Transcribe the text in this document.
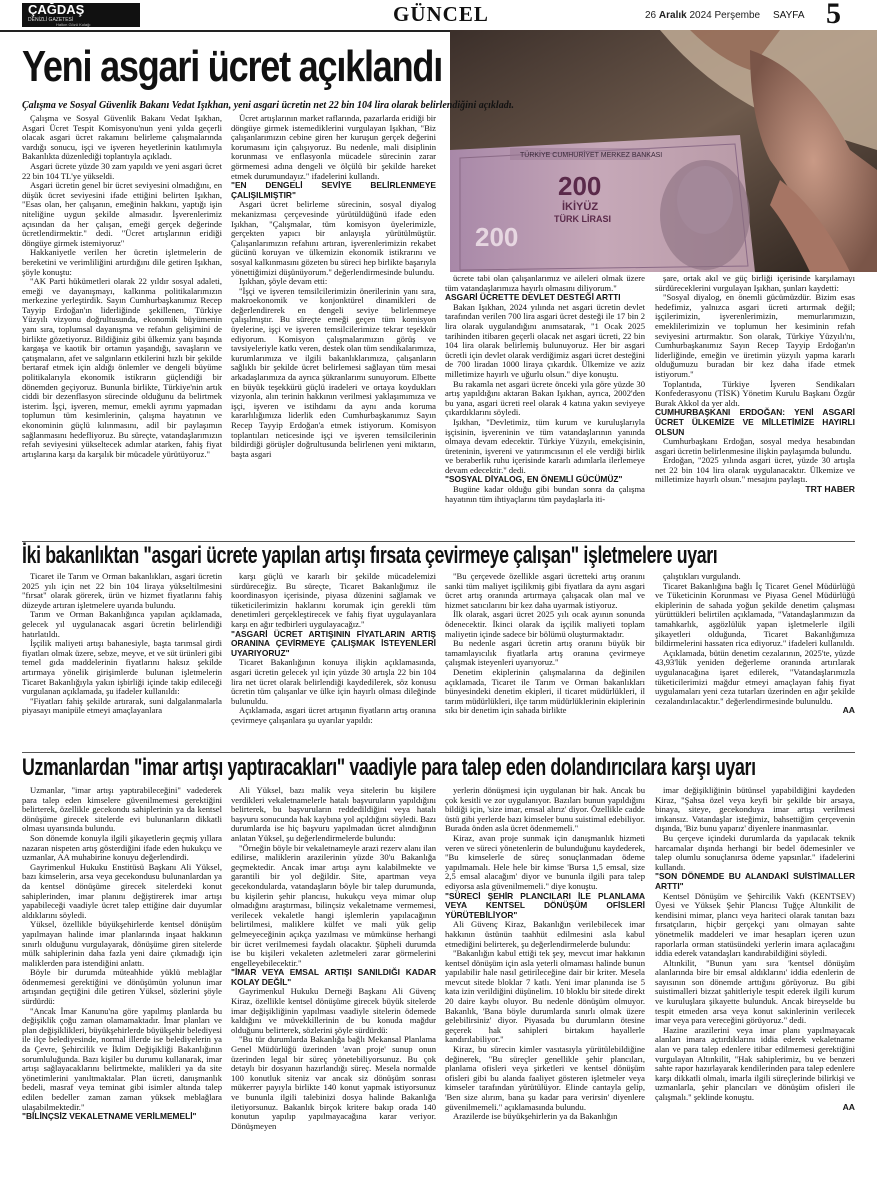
ÇAĞDAŞ
DENİZLİ GAZETESİ
Halkın Gözü Kulağı	GÜNCEL	26 Aralık 2024 Perşembe SAYFA 5
TÜRKİYE CUMHURİYET MERKEZ BANKASI
200
İKİYÜZ
TÜRK LİRASI
200
Yeni asgari ücret açıklandı
Çalışma ve Sosyal Güvenlik Bakanı Vedat Işıkhan, yeni asgari ücretin net 22 bin 104 lira olarak belirlendiğini açıkladı.

Çalışma ve Sosyal Güvenlik Bakanı Vedat Işıkhan, Asgari Ücret Tespit Komisyonu'nun yeni yılda geçerli olacak asgari ücret rakamını belirleme çalışmalarında vardığı sonucu, işçi ve işveren heyetlerinin katılımıyla Bakanlıkta düzenlediği toplantıyla açıkladı.

Asgari ücrete yüzde 30 zam yapıldı ve yeni asgari ücret 22 bin 104 TL'ye yükseldi.

Asgari ücretin genel bir ücret seviyesini olmadığını, en düşük ücret seviyesini ifade ettiğini belirten Işıkhan, "Esas olan, her çalışanın, emeğinin hakkını, yaptığı işin niteliğine uygun şekilde almasıdır. İşverenlerimiz açısından da her çalışan, emeği gerçek değerinde ücretlendirmektir." dedi. "Ücret artışlarının eridiği döngüye girmek istemiyoruz"

Hakkaniyetle verilen her ücretin işletmelerin de bereketini ve verimliliğini artırdığını dile getiren Işıkhan, şöyle konuştu:

"AK Parti hükümetleri olarak 22 yıldır sosyal adaleti, emeği ve dayanışmayı, kalkınma politikalarımızın merkezine yerleştirdik. Sayın Cumhurbaşkanımız Recep Tayyip Erdoğan'ın liderliğinde şekillenen, Türkiye Yüzyılı vizyonu doğrultusunda, ekonomik büyümenin yanı sıra, toplumsal dayanışma ve refahın gelişimini de birlikte gözetiyoruz. Bildiğiniz gibi ülkemiz yanı başında kargaşa ve kaotik bir ortamın yaşandığı, savaşların ve çatışmaların, afet ve salgınların etkilerini hızlı bir şekilde bertaraf etmek için aldığı önlemler ve dengeli büyüme politikalarıyla ekonomik istikrarın güçlendiği bir dönemden geçiyoruz. Bununla birlikte, Türkiye'nin artık ciddi bir dezenflasyon sürecinde olduğunu da belirtmek isterim. İşçi, işveren, memur, emekli ayrımı yapmadan toplumun tüm kesimlerinin, çalışma hayatının ve ekonominin güçlü kılınmasını, adil bir paylaşımın sağlanmasını hedefliyoruz. Bu süreçte, vatandaşlarımızın refah seviyesini yükseltecek adımlar atarken, fahiş fiyat artışlarına karşı da karşılık bir mücadele yürütüyoruz."

Ücret artışlarının market raflarında, pazarlarda eridiği bir döngüye girmek istemediklerini vurgulayan Işıkhan, "Biz çalışanlarımızın cebine giren her kuruşun gerçek değerini korumasını için çalışıyoruz. Bu nedenle, mali disiplinin korunması ve enflasyonla mücadele sürecinin zarar görmemesi adına dengeli ve ölçülü bir şekilde hareket etmek durumundayız." ifadelerini kullandı.

"EN DENGELİ SEVİYE BELİRLENMEYE ÇALIŞILMIŞTIR"

Asgari ücret belirleme sürecinin, sosyal diyalog mekanizması çerçevesinde yürütüldüğünü ifade eden Işıkhan, "Çalışmalar, tüm komisyon üyelerimizle, gerçekten yapıcı bir anlayışla yürütülmüştür. Çalışanlarımızın refahını artıran, işverenlerimizin rekabet gücünü koruyan ve ülkemizin ekonomik istikrarını ve sosyal kalkınmasını gözeten bu süreci hep birlikte başarıyla yönettiğimizi düşünüyorum." değerlendirmesinde bulundu.

Işıkhan, şöyle devam etti:

"İşçi ve işveren temsilcilerimizin önerilerinin yanı sıra, makroekonomik ve konjonktürel dinamikleri de değerlendirerek en dengeli seviye belirlenmeye çalışılmıştır. Bu süreçte emeği geçen tüm komisyon üyelerine, işçi ve işveren temsilcilerimize tekrar teşekkür ediyorum. Komisyon çalışmalarımızın görüş ve tavsiyeleriyle katkı veren, destek olan tüm sendikalarımıza, kurumlarımıza ve ilgili bakanlıklarımıza, çalışanların sağlıklı bir şekilde ücret belirlemesi sağlayan tüm mesai arkadaşlarımıza da ayrıca şükranlarımı sunuyorum. Elbette en büyük teşekkürü güçlü iradeleri ve ortaya koydukları vizyonla, alın terinin hakkının verilmesi yaklaşımımıza ve işçi, işveren ve istihdamı da aynı anda koruma kararlılığımıza liderlik eden Cumhurbaşkanımız Sayın Recep Tayyip Erdoğan'a etmek istiyorum. Komisyon toplantıları neticesinde işçi ve işveren temsilcilerinin bildirdiği görüşler doğrultusunda belirlenen yeni miktarın, başta asgari

ücrete tabi olan çalışanlarımız ve aileleri olmak üzere tüm vatandaşlarımıza hayırlı olmasını diliyorum."

ASGARİ ÜCRETTE DEVLET DESTEĞİ ARTTI

Bakan Işıkhan, 2024 yılında net asgari ücretin devlet tarafından verilen 700 lira asgari ücret desteği ile 17 bin 2 lira olarak uygulandığını anımsatarak, "1 Ocak 2025 tarihinden itibaren geçerli olacak net asgari ücreti, 22 bin 104 lira olarak belirlemiş bulunuyoruz. Her bir asgari ücretli için devlet olarak verdiğimiz asgari ücret desteğini de 700 liradan 1000 liraya çıkardık. Ülkemize ve aziz milletimize hayırlı ve uğurlu olsun." diye konuştu.

Bu rakamla net asgari ücrete önceki yıla göre yüzde 30 artış yapıldığını aktaran Bakan Işıkhan, ayrıca, 2002'den bu yana, asgari ücreti reel olarak 4 katına yakın seviyeye çıkardıklarını söyledi.

Işıkhan, "Devletimiz, tüm kurum ve kuruluşlarıyla işçisinin, işvereninin ve tüm vatandaşlarının yanında olmaya devam edecektir. Türkiye Yüzyılı, emekçisinin, üreteninin, işvereni ve yatırımcısının el ele verdiği birlik ve beraberlik ruhu içerisinde kararlı adımlarla ilerlemeye devam edecektir." dedi.

"SOSYAL DİYALOG, EN ÖNEMLİ GÜCÜMÜZ"

Bugüne kadar olduğu gibi bundan sonra da çalışma hayatının tüm ihtiyaçlarını tüm paydaşlarla iti-

şare, ortak akıl ve güç birliği içerisinde karşılamayı sürdüreceklerini vurgulayan Işıkhan, şunları kaydetti:

"Sosyal diyalog, en önemli gücümüzdür. Bizim esas hedefimiz, yalnızca asgari ücreti artırmak değil; işçilerimizin, işverenlerimizin, memurlarımızın, emeklilerimizin ve toplumun her kesiminin refah seviyesini artırmaktır. Son olarak, Türkiye Yüzyılı'nı, Cumhurbaşkanımız Sayın Recep Tayyip Erdoğan'ın liderliğinde, emeğin ve üretimin yüzyılı yapma kararlı olduğumuzu buradan bir kez daha ifade etmek istiyorum."

Toplantıda, Türkiye İşveren Sendikaları Konfederasyonu (TİSK) Yönetim Kurulu Başkanı Özgür Burak Akkol da yer aldı.

CUMHURBAŞKANI ERDOĞAN: YENİ ASGARİ ÜCRET ÜLKEMİZE VE MİLLETİMİZE HAYIRLI OLSUN

Cumhurbaşkanı Erdoğan, sosyal medya hesabından asgari ücretin belirlenmesine ilişkin paylaşımda bulundu.

Erdoğan, "2025 yılında asgari ücret, yüzde 30 artışla net 22 bin 104 lira olarak uygulanacaktır. Ülkemize ve milletimize hayırlı olsun." mesajını paylaştı.

TRT HABER

İki bakanlıktan "asgari ücrete yapılan artışı fırsata çevirmeye çalışan" işletmelere uyarı

Ticaret ile Tarım ve Orman bakanlıkları, asgari ücretin 2025 yılı için net 22 bin 104 liraya yükseltilmesini "fırsat" olarak görerek, ürün ve hizmet fiyatlarını fahiş düzeyde artıran işletmelere uyarıda bulundu.

Tarım ve Orman Bakanlığınca yapılan açıklamada, gelecek yıl uygulanacak asgari ücretin belirlendiği hatırlatıldı.

İşçilik maliyeti artışı bahanesiyle, başta tarımsal girdi fiyatları olmak üzere, sebze, meyve, et ve süt ürünleri gibi temel gıda maddelerinin fiyatlarını haksız şekilde artırmaya yönelik girişimlerde bulunan işletmelerin Ticaret Bakanlığıyla yakın işbirliği içinde takip edileceği vurgulanan açıklamada, şu ifadeler kullanıldı:

"Fiyatları fahiş şekilde artırarak, suni dalgalanmalarla piyasayı manipüle etmeyi amaçlayanlara

karşı güçlü ve kararlı bir şekilde mücadelemizi sürdüreceğiz. Bu süreçte, Ticaret Bakanlığımız ile koordinasyon içerisinde, piyasa düzenini sağlamak ve tüketicilerimizin haklarını korumak için gerekli tüm denetimleri gerçekleştirecek ve fahiş fiyat uygulayanlara karşı en ağır tedbirleri uygulayacağız."

"ASGARİ ÜCRET ARTIŞININ FİYATLARIN ARTIŞ ORANINA ÇEVİRMEYE ÇALIŞMAK İSTEYENLERİ UYARIYORUZ"

Ticaret Bakanlığının konuya ilişkin açıklamasında, asgari ücretin gelecek yıl için yüzde 30 artışla 22 bin 104 lira net ücret olarak belirlendiği kaydedilerek, söz konusu ücretin tüm çalışanlar ve ülke için hayırlı olması dileğinde bulunuldu.

Açıklamada, asgari ücret artışının fiyatların artış oranına çevirmeye çalışanlara şu uyarılar yapıldı:

"Bu çerçevede özellikle asgari ücretteki artış oranını sanki tüm maliyet işçilikmiş gibi fiyatlara da aynı asgari ücret artış oranında artırmaya çalışacak olan mal ve hizmet satıcılarını bir kez daha uyarmak istiyoruz.

İlk olarak, asgari ücret 2025 yılı ocak ayının sonunda ödenecektir. İkinci olarak da işçilik maliyeti toplam maliyetin içinde sadece bir bölümü oluşturmaktadır.

Bu nedenle asgari ücretin artış oranını büyük bir tamamlayıcılık fiyatlarla artış oranına çevirmeye çalışmak isteyenleri uyarıyoruz."

Denetim ekiplerinin çalışmalarına da değinilen açıklamada, Ticaret ile Tarım ve Orman bakanlıkları bünyesindeki denetim ekipleri, il ticaret müdürlükleri, il tarım müdürlükleri, ilçe tarım müdürlüklerinin ekiplerinin sıkı bir denetim için sahada birlikte

çalıştıkları vurgulandı.

Ticaret Bakanlığına bağlı İç Ticaret Genel Müdürlüğü ve Tüketicinin Korunması ve Piyasa Genel Müdürlüğü ekiplerinin de sahada yoğun şekilde denetim çalışması yürüttükleri belirtilen açıklamada, "Vatandaşlarımızın da tamahkarlık, aşgözlülük yapan işletmelerle ilgili şikayetleri olduğunda, Ticaret Bakanlığımıza bildirmelerini hassaten rica ediyoruz." ifadeleri kullanıldı.

Açıklamada, bütün denetim cezalarının, 2025'te, yüzde 43,93'lük yeniden değerleme oranında artırılarak uygulanacağına işaret edilerek, "Vatandaşlarımızla tüketicilerimizi mağdur etmeyi amaçlayan fahiş fiyat uygulamaları yeni ceza tutarları üzerinden en ağır şekilde cezalandırılacaktır." değerlendirmesinde bulunuldu.

AA

Uzmanlardan "imar artışı yaptıracakları" vaadiyle para talep eden dolandırıcılara karşı uyarı

Uzmanlar, "imar artışı yaptırabileceğini" vadederek para talep eden kimselere güvenilmemesi gerektiğini belirterek, özellikle gecekondu sahiplerinin ya da kentsel dönüşüme girecek sitelerde evi bulunanların dikkatli olması uyarısında bulundu.

Son dönemde konuyla ilgili şikayetlerin geçmiş yıllara nazaran nispeten artış gösterdiğini ifade eden hukukçu ve uzmanlar, AA muhabirine konuyu değerlendirdi.

Gayrimenkul Hukuku Enstitüsü Başkanı Ali Yüksel, bazı kimselerin, arsa veya gecekondusu bulunanlardan ya da kentsel dönüşüme girecek sitelerdeki konut sahiplerinden, imar planını değiştirerek imar artışı yapabileceği vaadiyle ücret talep ettiğine dair duyumlar aldıklarını söyledi.

Yüksel, özellikle büyükşehirlerde kentsel dönüşüm yapılmayan halinde imar planlarında inşaat hakkının sınırlı olduğunu vurgulayarak, dönüşüme giren sitelerde mülk sahiplerinin daha fazla yeni daire çıkmadığı için maliklerden para istendiğini anlattı.

Böyle bir durumda müteahhide yüklü meblağlar ödenmemesi gerektiğini ve dönüşümün yolunun imar artışından geçtiğini dile getiren Yüksel, sözlerini şöyle sürdürdü:

"Ancak İmar Kanunu'na göre yapılmış planlarda bu değişiklik çoğu zaman olamamaktadır. İmar planları ve plan değişiklikleri, büyükşehirlerde büyükşehir belediyesi ile ilçe belediyesinde, normal illerde ise belediyelerin ya da Çevre, Şehircilik ve İklim Değişikliği Bakanlığının sorumluluğunda. Bazı kişiler bu durumu kullanarak, imar artışı sağlayacaklarını belirtmekte, malikleri ya da site yönetimlerini yanıltmaktalar. Plan ücreti, danışmanlık bedeli, masraf veya teminat gibi isimler altında talep edilen bedeller zaman zaman yüksek meblağlara ulaşabilmektedir."

"BİLİNÇSİZ VEKALETNAME VERİLMEMELİ"

Ali Yüksel, bazı malik veya sitelerin bu kişilere verdikleri vekaletnamelerle hatalı başvuruların yapıldığını belirterek, bu başvuruların reddedildiğini veya hatalı başvuru sonucunda hak kaybına yol açıldığını söyledi. Bazı durumlarda ise hiç başvuru yapılmadan ücret alındığının anlatan Yüksel, şu değerlendirmelerde bulundu:

"Örneğin böyle bir vekaletnameyle arazi rezerv alanı ilan edilirse, maliklerin arazilerinin yüzde 30'u Bakanlığa geçmektedir. Ancak imar artışı aynı kalabilmekte ve garantili bir yol değildir. Site, apartman veya gecekondularda, vatandaşların böyle bir talep durumunda, bu kişilerin şehir plancısı, hukukçu veya mimar olup olmadığını araştırması, bilinçsiz vekaletname vermemesi, verilecek vekaletle hangi işlemlerin yapılacağının belirtilmesi, maliklere külfet ve mali yük gelip gelmeyeceğinin açıkça yazılması ve mümkünse herhangi bir ücret verilmemesi faydalı olacaktır. Şüpheli durumda ise bu kişileri vekaleten azletmeleri zarar görmelerini engelleyebilecektir."

"İMAR VEYA EMSAL ARTIŞI SANILDIĞI KADAR KOLAY DEĞİL"

Gayrimenkul Hukuku Derneği Başkanı Ali Güvenç Kiraz, özellikle kentsel dönüşüme girecek büyük sitelerde imar değişikliğinin yapılması vaadiyle sitelerin ödemede kaldığını ve müvekkillerinin de bu konuda mağdur olduğunu belirterek, sözlerini şöyle sürdürdü:

"Bu tür durumlarda Bakanlığa bağlı Mekansal Planlama Genel Müdürlüğü üzerinden 'avan proje' sunup onun üzerinden legal bir süreç yönetebiliyorsunuz. Bu çok detaylı bir dosyanın hazırlandığı süreç. Mesela normalde 100 konutluk siteniz var ancak siz dönüşüm sonrası mükerrer payıyla birlikte 140 konut yapmak istiyorsunuz ve bununla ilgili talebinizi dosya halinde Bakanlığa iletiyorsunuz. Bakanlık birçok kritere bakıp orada 140 konutun yapılıp yapılmayacağına karar veriyor. Dönüşmeyen

yerlerin dönüşmesi için uygulanan bir hak. Ancak bu çok kesitli ve zor uygulanıyor. Bazıları bunun yapıldığını bildiği için, 'size imar, emsal alırız' diyor. Özellikle cadde üstü gibi yerlerde bazı kimseler bunu suistimal edebiliyor. Burada önden asla ücret ödenmemeli."

Kiraz, avan proje sunmak için danışmanlık hizmeti veren ve süreci yönetenlerin de bulunduğunu kaydederek, "Bu kimselerle de süreç sonuçlanmadan ödeme yapılmamalı. Hele hele bir kimse 'Bursa 1,5 emsal, size 2,5 emsal alacağım' diyor ve bununla ilgili para talep ediyorsa asla güvenilmemeli." diye konuştu.

"SÜRECİ ŞEHİR PLANCILARI İLE PLANLAMA VEYA KENTSEL DÖNÜŞÜM OFİSLERİ YÜRÜTEBİLİYOR"

Ali Güvenç Kiraz, Bakanlığın verilebilecek imar hakkının üstünün taahhüt edilmesini asla kabul etmediğini belirterek, şu değerlendirmelerde bulundu:

"Bakanlığın kabul ettiği tek şey, mevcut imar hakkının kentsel dönüşüm için asla yeterli olmaması halinde bunun yapılabilir hale nasıl getirileceğine dair bir kriter. Mesela mevcut sitede bloklar 7 katlı. Yeni imar planında ise 5 kata izin verildiğini düşünelim. 10 bloklu bir sitede direkt 20 daire kaybı oluyor. Bu nedenle dönüşüm olmuyor. Bakanlık, 'Bana böyle durumlarda sınırlı olmak üzere gelebilirsiniz' diyor. Piyasada bu durumların ötesine geçerek hak sahipleri birtakım hayallerle kandırılabiliyor."

Kiraz, bu sürecin kimler vasıtasıyla yürütülebildiğine değinerek, "Bu süreçler genellikle şehir plancıları, planlama ofisleri veya şirketleri ve kentsel dönüşüm ofisleri gibi bu alanda faaliyet gösteren işletmeler veya kimseler tarafından yürütülüyor. Elinde cantayla gelip, 'Ben size alırım, bana şu kadar para verirsin' diyenlere güvenilmemeli." açıklamasında bulundu.

Arazilerde ise büyükşehirlerin ya da Bakanlığın

imar değişikliğinin bütünsel yapabildiğini kaydeden Kiraz, "Şahsa özel veya keyfi bir şekilde bir arsaya, binaya, siteye, gecekonduya imar artışı verilmesi imkansız. Vatandaşlar isteğimiz, bahsettiğim çerçevenin dışında, 'Biz bunu yaparız' diyenlere inanmasınlar.

Bu çerçeve içindeki durumlarda da yapılacak teknik harcamalar dışında herhangi bir bedel ödemesinler ve talep olumlu sonuçlanırsa ödeme yapsınlar." ifadelerini kullandı.

"SON DÖNEMDE BU ALANDAKİ SUİSTİMALLER ARTTI"

Kentsel Dönüşüm ve Şehircilik Vakfı (KENTSEV) Üyesi ve Yüksek Şehir Plancısı Tuğçe Altınkilit de kendisini mimar, plancı veya hariteci olarak tanıtan bazı fırsatçıların, hiçbir gerçekçi yanı olmayan sahte yönetmelik maddeleri ve imar hesapları içeren uzun raporlarla orman statüsündeki yerlerin imara açılacağını iddia ederek vatandaşları kandırabildiğini söyledi.

Altınkilit, "Bunun yanı sıra 'kentsel dönüşüm alanlarında bire bir emsal aldıklarını' iddia edenlerin de sayısının son dönemde arttığını görüyoruz. Bu gibi suistimalleri bizzat şahitleriyle tespit ederek ilgili kurum ve kuruluşlara şikayette bulunduk. Ancak bireyselde bu tespit etmeden arsa veya konut sakinlerinin verilecek imar veya para vereceğini görüyoruz." dedi.

Hazine arazilerini veya imar planı yapılmayacak alanları imara açtırdıklarını iddia ederek vekaletname alan ve para talep edenlere itibar edilmemesi gerektiğini vurgulayan Altınkilit, "Hak sahiplerimiz, bu ve benzeri sahte rapor hazırlayarak kendilerinden para talep edenlere karşı dikkatli olmalı, imarla ilgili süreçlerinde bilirkişi ve uzmanlarla, şehir plancıları ve dönüşüm ofisleri ile çalışmalı." şeklinde konuştu.

AA
